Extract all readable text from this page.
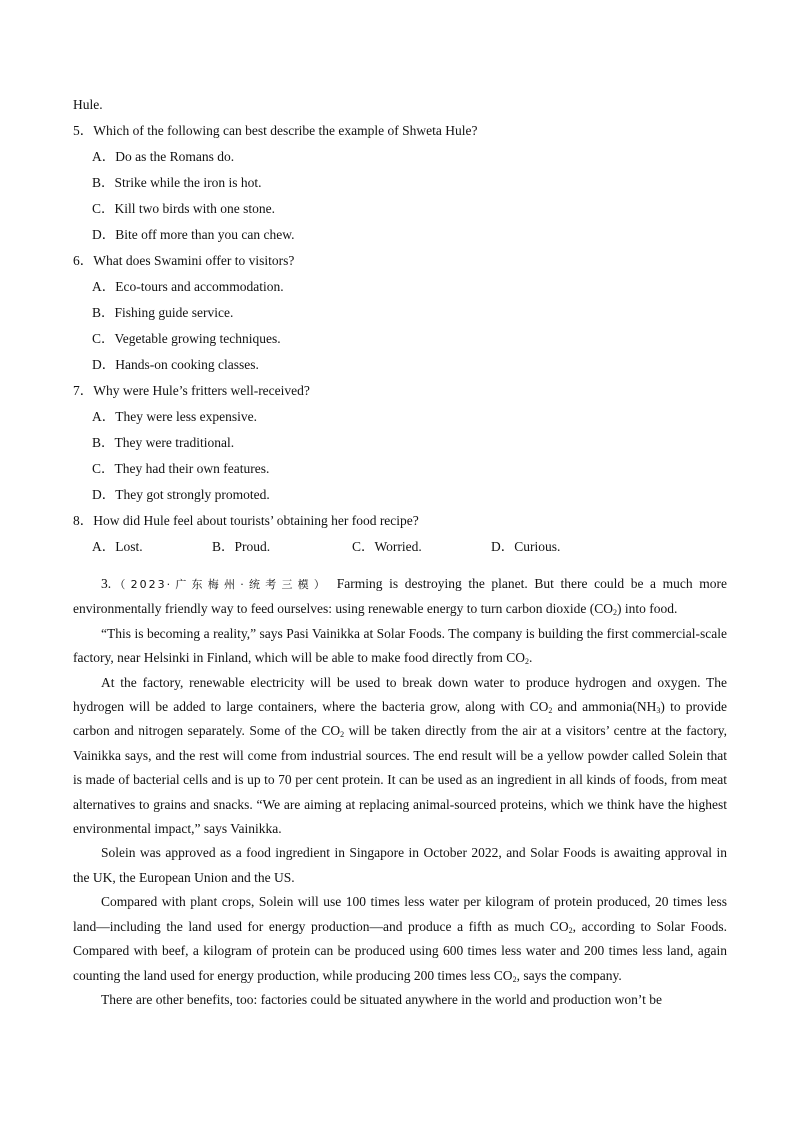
Hule.
5．Which of the following can best describe the example of Shweta Hule?
A．Do as the Romans do.
B．Strike while the iron is hot.
C．Kill two birds with one stone.
D．Bite off more than you can chew.
6．What does Swamini offer to visitors?
A．Eco-tours and accommodation.
B．Fishing guide service.
C．Vegetable growing techniques.
D．Hands-on cooking classes.
7．Why were Hule’s fritters well-received?
A．They were less expensive.
B．They were traditional.
C．They had their own features.
D．They got strongly promoted.
8．How did Hule feel about tourists’ obtaining her food recipe?
A．Lost.	B．Proud.	C．Worried.	D．Curious.

3.（2023·广东梅州·统考三模） Farming is destroying the planet. But there could be a much more environmentally friendly way to feed ourselves: using renewable energy to turn carbon dioxide $(CO_2)$ into food.

“This is becoming a reality,” says Pasi Vainikka at Solar Foods. The company is building the first commercial-scale factory, near Helsinki in Finland, which will be able to make food directly from $CO_2$.

At the factory, renewable electricity will be used to break down water to produce hydrogen and oxygen. The hydrogen will be added to large containers, where the bacteria grow, along with $CO_2$ and $ammonia(NH_3)$ to provide carbon and nitrogen separately. Some of the $CO_2$ will be taken directly from the air at a visitors’ centre at the factory, Vainikka says, and the rest will come from industrial sources. The end result will be a yellow powder called Solein that is made of bacterial cells and is up to 70 per cent protein. It can be used as an ingredient in all kinds of foods, from meat alternatives to grains and snacks. “We are aiming at replacing animal-sourced proteins, which we think have the highest environmental impact,” says Vainikka.

Solein was approved as a food ingredient in Singapore in October 2022, and Solar Foods is awaiting approval in the UK, the European Union and the US.

Compared with plant crops, Solein will use 100 times less water per kilogram of protein produced, 20 times less land—including the land used for energy production—and produce a fifth as much $CO_2$, according to Solar Foods. Compared with beef, a kilogram of protein can be produced using 600 times less water and 200 times less land, again counting the land used for energy production, while producing 200 times less $CO_2$, says the company.

There are other benefits, too: factories could be situated anywhere in the world and production won’t be
